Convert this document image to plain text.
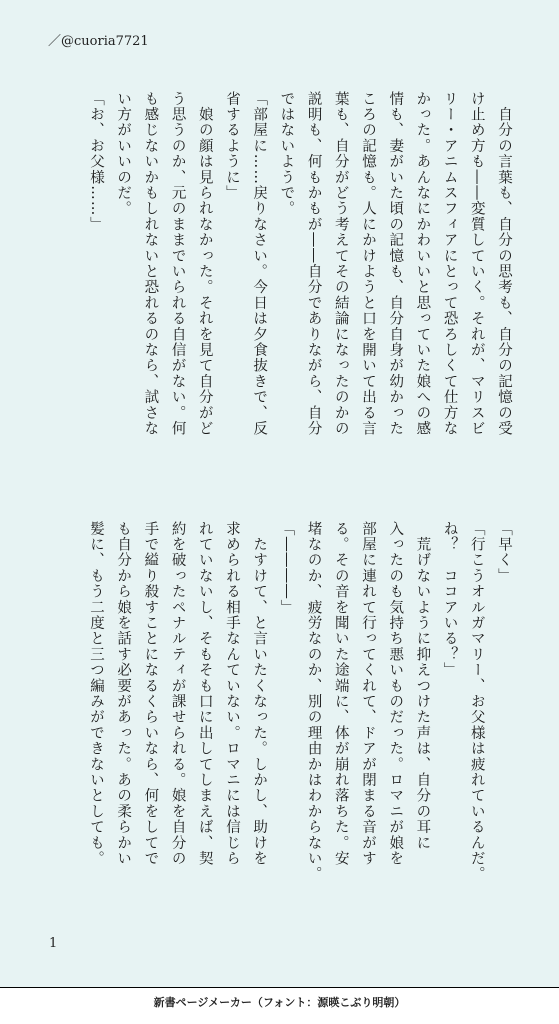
／@cuoria7721
　自分の言葉も、自分の思考も、自分の記憶の受
け止め方も――変質していく。それが、マリスビ
リー・アニムスフィアにとって恐ろしくて仕方な
かった。あんなにかわいいと思っていた娘への感
情も、妻がいた頃の記憶も、自分自身が幼かった
ころの記憶も。人にかけようと口を開いて出る言
葉も、自分がどう考えてその結論になったのかの
説明も、何もかもが――自分でありながら、自分
ではないようで。
「部屋に……戻りなさい。今日は夕食抜きで、反
省するように」
　娘の顔は見られなかった。それを見て自分がど
う思うのか、元のままでいられる自信がない。何
も感じないかもしれないと恐れるのなら、試さな
い方がいいのだ。
「お、お父様……」
「早く」
「行こうオルガマリー、お父様は疲れているんだ。
ね？　ココアいる？」
　荒げないように抑えつけた声は、自分の耳に
入ったのも気持ち悪いものだった。ロマニが娘を
部屋に連れて行ってくれて、ドアが閉まる音がす
る。その音を聞いた途端に、体が崩れ落ちた。安
堵なのか、疲労なのか、別の理由かはわからない。
「――――」
　たすけて、と言いたくなった。しかし、助けを
求められる相手なんていない。ロマニには信じら
れていないし、そもそも口に出してしまえば、契
約を破ったペナルティが課せられる。娘を自分の
手で縊り殺すことになるくらいなら、何をしてで
も自分から娘を話す必要があった。あの柔らかい
髪に、もう二度と三つ編みができないとしても。
1
新書ページメーカー（フォント：源暎こぶり明朝）
